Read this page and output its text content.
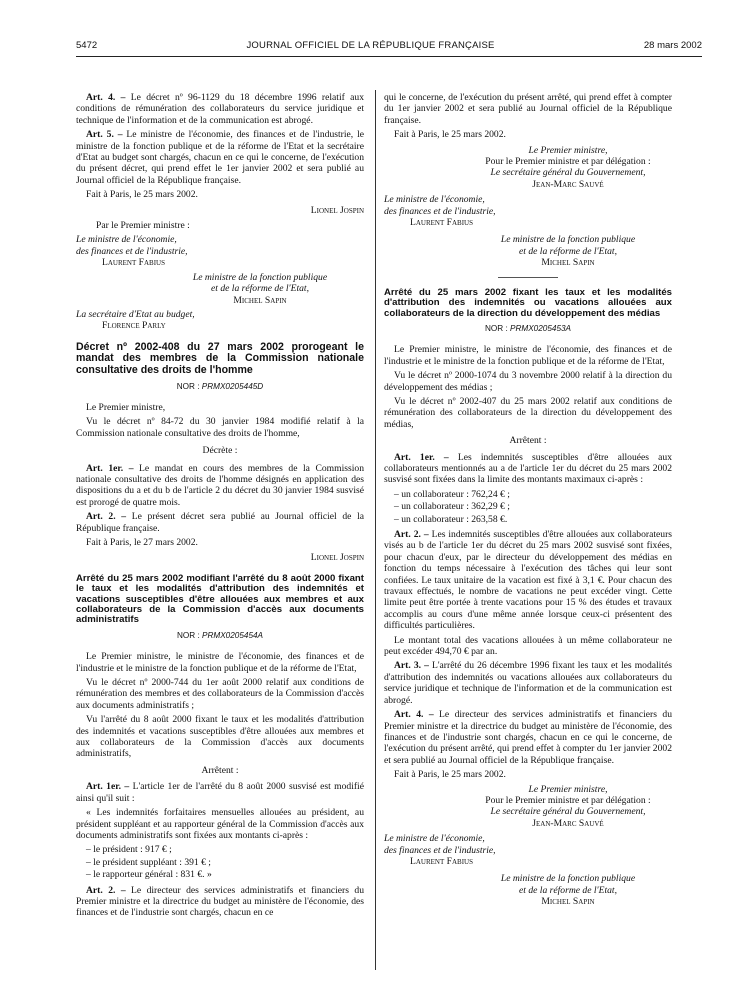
5472	JOURNAL OFFICIEL DE LA RÉPUBLIQUE FRANÇAISE	28 mars 2002

Art. 4. – Le décret nº 96-1129 du 18 décembre 1996 relatif aux conditions de rémunération des collaborateurs du service juridique et technique de l'information et de la communication est abrogé.

Art. 5. – Le ministre de l'économie, des finances et de l'industrie, le ministre de la fonction publique et de la réforme de l'Etat et la secrétaire d'Etat au budget sont chargés, chacun en ce qui le concerne, de l'exécution du présent décret, qui prend effet le 1er janvier 2002 et sera publié au Journal officiel de la République française.

Fait à Paris, le 25 mars 2002.

Lionel Jospin

Par le Premier ministre :

Le ministre de l'économie,

des finances et de l'industrie,

Laurent Fabius

Le ministre de la fonction publique

et de la réforme de l'Etat,

Michel Sapin

La secrétaire d'Etat au budget,

Florence Parly

Décret nº 2002-408 du 27 mars 2002 prorogeant le mandat des membres de la Commission nationale consultative des droits de l'homme
NOR : PRMX0205445D

Le Premier ministre,

Vu le décret nº 84-72 du 30 janvier 1984 modifié relatif à la Commission nationale consultative des droits de l'homme,

Décrète :

Art. 1er. – Le mandat en cours des membres de la Commission nationale consultative des droits de l'homme désignés en application des dispositions du a et du b de l'article 2 du décret du 30 janvier 1984 susvisé est prorogé de quatre mois.

Art. 2. – Le présent décret sera publié au Journal officiel de la République française.

Fait à Paris, le 27 mars 2002.

Lionel Jospin

Arrêté du 25 mars 2002 modifiant l'arrêté du 8 août 2000 fixant le taux et les modalités d'attribution des indemnités et vacations susceptibles d'être allouées aux membres et aux collaborateurs de la Commission d'accès aux documents administratifs
NOR : PRMX0205454A

Le Premier ministre, le ministre de l'économie, des finances et de l'industrie et le ministre de la fonction publique et de la réforme de l'Etat,

Vu le décret nº 2000-744 du 1er août 2000 relatif aux conditions de rémunération des membres et des collaborateurs de la Commission d'accès aux documents administratifs ;

Vu l'arrêté du 8 août 2000 fixant le taux et les modalités d'attribution des indemnités et vacations susceptibles d'être allouées aux membres et aux collaborateurs de la Commission d'accès aux documents administratifs,

Arrêtent :

Art. 1er. – L'article 1er de l'arrêté du 8 août 2000 susvisé est modifié ainsi qu'il suit :

« Les indemnités forfaitaires mensuelles allouées au président, au président suppléant et au rapporteur général de la Commission d'accès aux documents administratifs sont fixées aux montants ci-après :

– le président : 917 € ;

– le président suppléant : 391 € ;

– le rapporteur général : 831 €. »

Art. 2. – Le directeur des services administratifs et financiers du Premier ministre et la directrice du budget au ministère de l'économie, des finances et de l'industrie sont chargés, chacun en ce

qui le concerne, de l'exécution du présent arrêté, qui prend effet à compter du 1er janvier 2002 et sera publié au Journal officiel de la République française.

Fait à Paris, le 25 mars 2002.

Le Premier ministre,

Pour le Premier ministre et par délégation :

Le secrétaire général du Gouvernement,

Jean-Marc Sauvé

Le ministre de l'économie,

des finances et de l'industrie,

Laurent Fabius

Le ministre de la fonction publique

et de la réforme de l'Etat,

Michel Sapin

Arrêté du 25 mars 2002 fixant les taux et les modalités d'attribution des indemnités ou vacations allouées aux collaborateurs de la direction du développement des médias
NOR : PRMX0205453A

Le Premier ministre, le ministre de l'économie, des finances et de l'industrie et le ministre de la fonction publique et de la réforme de l'Etat,

Vu le décret nº 2000-1074 du 3 novembre 2000 relatif à la direction du développement des médias ;

Vu le décret nº 2002-407 du 25 mars 2002 relatif aux conditions de rémunération des collaborateurs de la direction du développement des médias,

Arrêtent :

Art. 1er. – Les indemnités susceptibles d'être allouées aux collaborateurs mentionnés au a de l'article 1er du décret du 25 mars 2002 susvisé sont fixées dans la limite des montants maximaux ci-après :

– un collaborateur : 762,24 € ;

– un collaborateur : 362,29 € ;

– un collaborateur : 263,58 €.

Art. 2. – Les indemnités susceptibles d'être allouées aux collaborateurs visés au b de l'article 1er du décret du 25 mars 2002 susvisé sont fixées, pour chacun d'eux, par le directeur du développement des médias en fonction du temps nécessaire à l'exécution des tâches qui leur sont confiées. Le taux unitaire de la vacation est fixé à 3,1 €. Pour chacun des travaux effectués, le nombre de vacations ne peut excéder vingt. Cette limite peut être portée à trente vacations pour 15 % des études et travaux accomplis au cours d'une même année lorsque ceux-ci présentent des difficultés particulières.

Le montant total des vacations allouées à un même collaborateur ne peut excéder 494,70 € par an.

Art. 3. – L'arrêté du 26 décembre 1996 fixant les taux et les modalités d'attribution des indemnités ou vacations allouées aux collaborateurs du service juridique et technique de l'information et de la communication est abrogé.

Art. 4. – Le directeur des services administratifs et financiers du Premier ministre et la directrice du budget au ministère de l'économie, des finances et de l'industrie sont chargés, chacun en ce qui le concerne, de l'exécution du présent arrêté, qui prend effet à compter du 1er janvier 2002 et sera publié au Journal officiel de la République française.

Fait à Paris, le 25 mars 2002.

Le Premier ministre,

Pour le Premier ministre et par délégation :

Le secrétaire général du Gouvernement,

Jean-Marc Sauvé

Le ministre de l'économie,

des finances et de l'industrie,

Laurent Fabius

Le ministre de la fonction publique

et de la réforme de l'Etat,

Michel Sapin
